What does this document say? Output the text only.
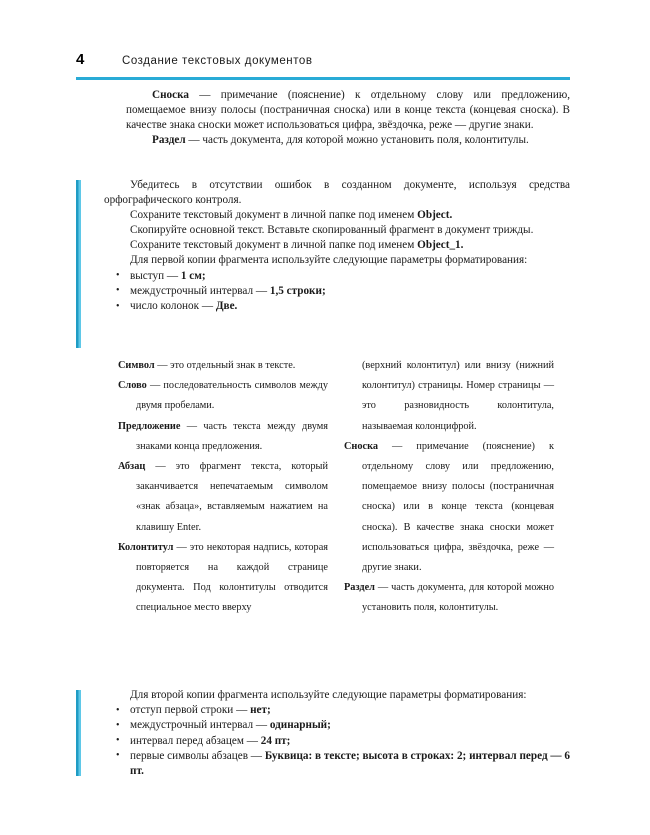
4	Создание текстовых документов

Сноска — примечание (пояснение) к отдельному слову или предложению, помещаемое внизу полосы (постраничная сноска) или в конце текста (концевая сноска). В качестве знака сноски может использоваться цифра, звёздочка, реже — другие знаки.

Раздел — часть документа, для которой можно установить поля, колонтитулы.

Убедитесь в отсутствии ошибок в созданном документе, используя средства орфографического контроля.

Сохраните текстовый документ в личной папке под именем Object.

Скопируйте основной текст. Вставьте скопированный фрагмент в документ трижды.

Сохраните текстовый документ в личной папке под именем Object_1.

Для первой копии фрагмента используйте следующие параметры форматирования:

• выступ — 1 см;
• междустрочный интервал — 1,5 строки;
• число колонок — Две.

Символ — это отдельный знак в тексте.

Слово — последовательность символов между двумя пробелами.

Предложение — часть текста между двумя знаками конца предложения.

Абзац — это фрагмент текста, который заканчивается непечатаемым символом «знак абзаца», вставляемым нажатием на клавишу Enter.

Колонтитул — это некоторая надпись, которая повторяется на каждой странице документа. Под колонтитулы отводится специальное место вверху

(верхний колонтитул) или внизу (нижний колонтитул) страницы. Номер страницы — это разновидность колонтитула, называемая колонцифрой.

Сноска — примечание (пояснение) к отдельному слову или предложению, помещаемое внизу полосы (постраничная сноска) или в конце текста (концевая сноска). В качестве знака сноски может использоваться цифра, звёздочка, реже — другие знаки.

Раздел — часть документа, для которой можно установить поля, колонтитулы.

Для второй копии фрагмента используйте следующие параметры форматирования:

• отступ первой строки — нет;
• междустрочный интервал — одинарный;
• интервал перед абзацем — 24 пт;
• первые символы абзацев — Буквица: в тексте; высота в строках: 2; интервал перед — 6 пт.
